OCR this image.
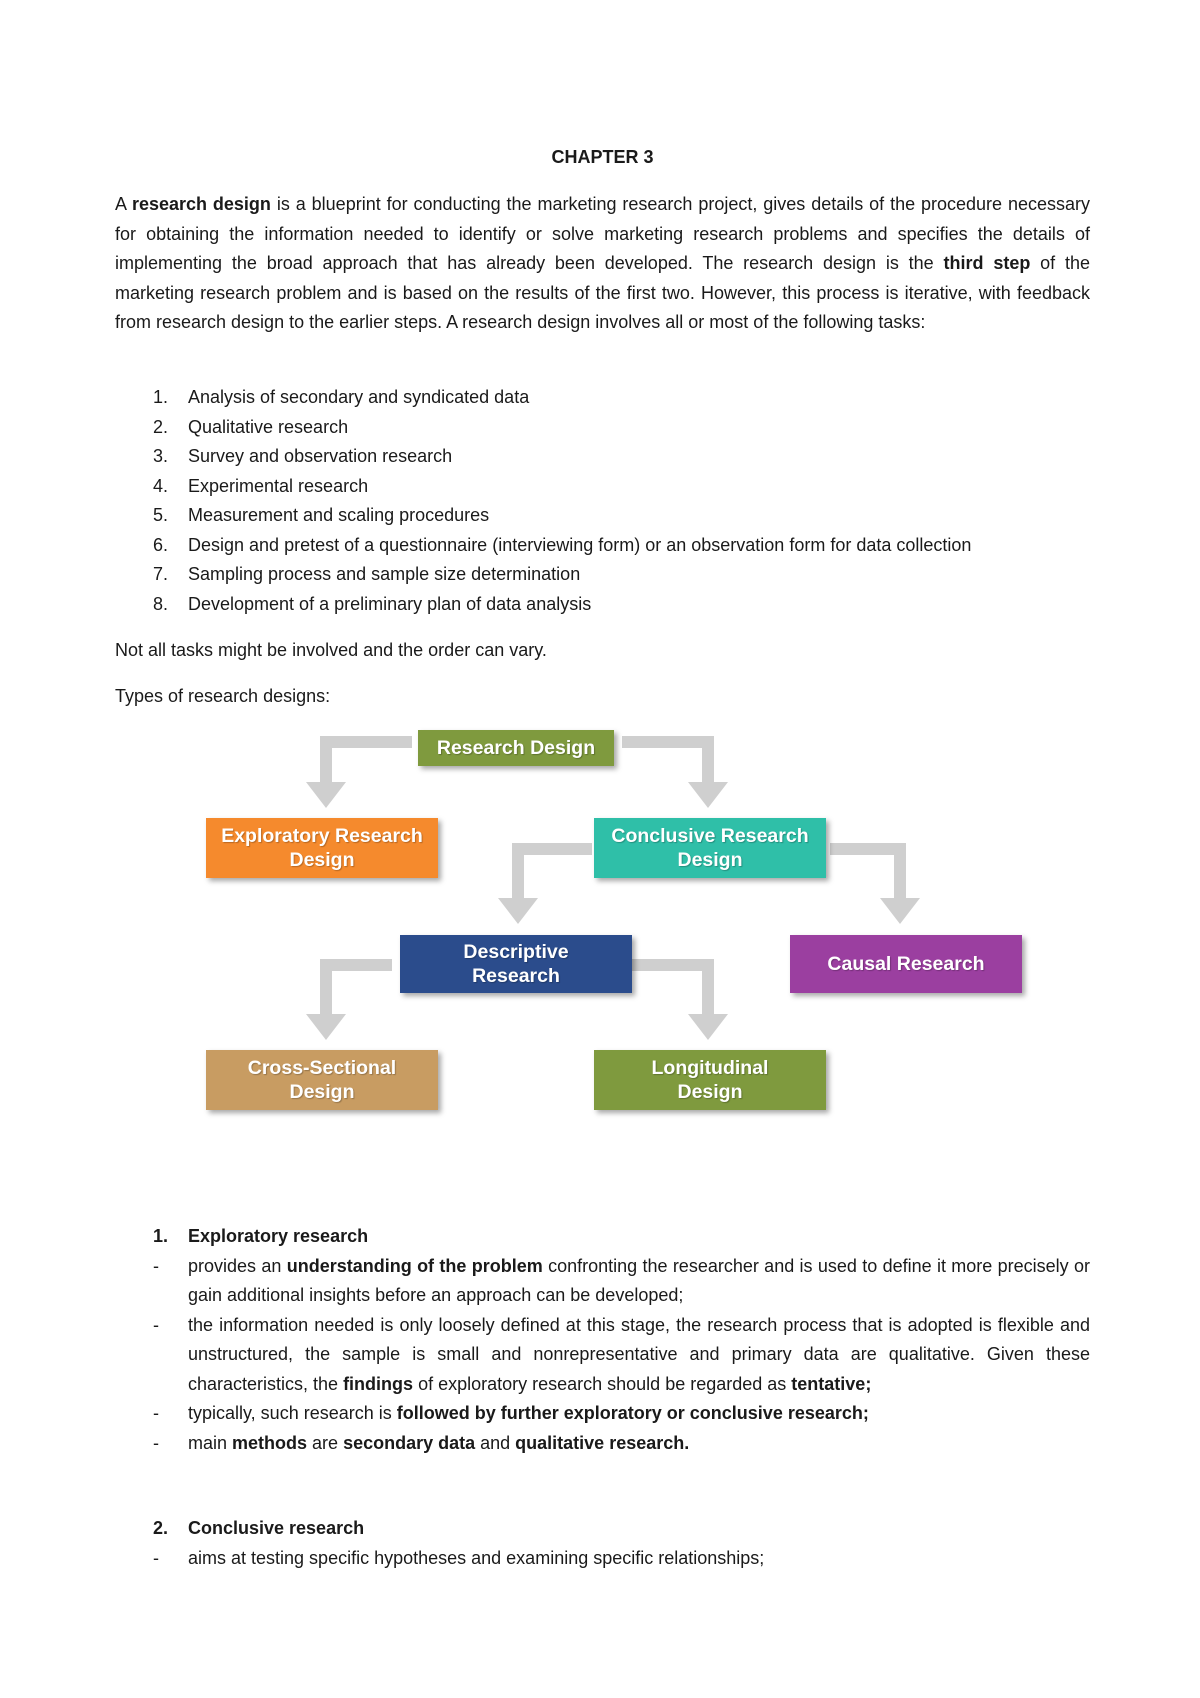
CHAPTER 3

A research design is a blueprint for conducting the marketing research project, gives details of the procedure necessary for obtaining the information needed to identify or solve marketing research problems and specifies the details of implementing the broad approach that has already been developed. The research design is the third step of the marketing research problem and is based on the results of the first two. However, this process is iterative, with feedback from research design to the earlier steps. A research design involves all or most of the following tasks:

1. Analysis of secondary and syndicated data
2. Qualitative research
3. Survey and observation research
4. Experimental research
5. Measurement and scaling procedures
6. Design and pretest of a questionnaire (interviewing form) or an observation form for data collection
7. Sampling process and sample size determination
8. Development of a preliminary plan of data analysis

Not all tasks might be involved and the order can vary.

Types of research designs:

Research Design
Exploratory Research
Design
Conclusive Research
Design
Descriptive
Research
Causal Research
Cross-Sectional
Design
Longitudinal
Design
1. Exploratory research
- provides an understanding of the problem confronting the researcher and is used to define it more precisely or gain additional insights before an approach can be developed;
- the information needed is only loosely defined at this stage, the research process that is adopted is flexible and unstructured, the sample is small and nonrepresentative and primary data are qualitative. Given these characteristics, the findings of exploratory research should be regarded as tentative;
- typically, such research is followed by further exploratory or conclusive research;
- main methods are secondary data and qualitative research.
2. Conclusive research
- aims at testing specific hypotheses and examining specific relationships;
